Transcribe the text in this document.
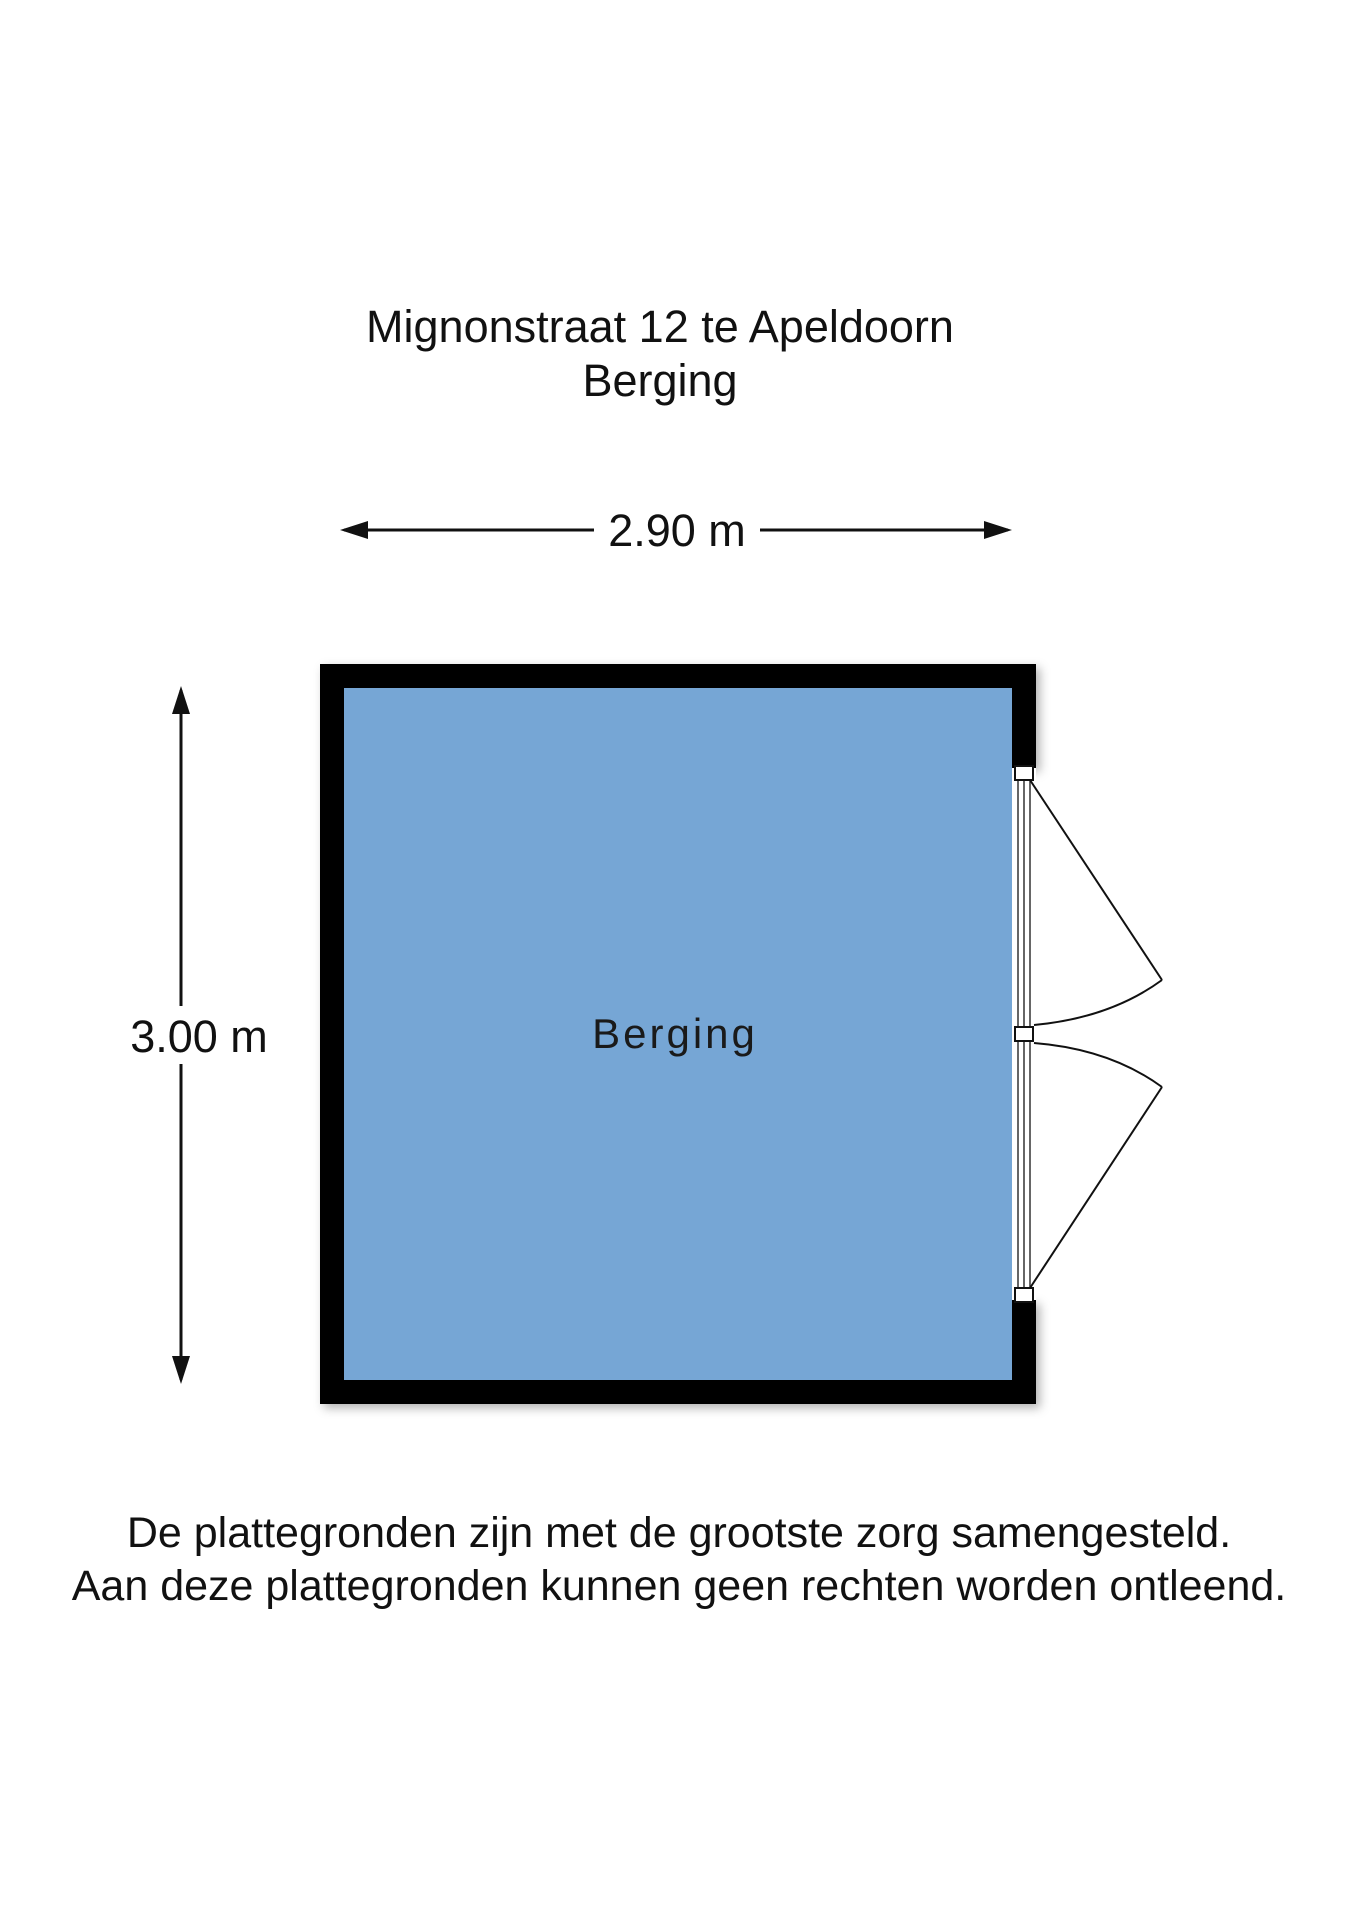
Mignonstraat 12 te Apeldoorn
Berging
2.90 m
3.00 m	Berging
De plattegronden zijn met de grootste zorg samengesteld.
Aan deze plattegronden kunnen geen rechten worden ontleend.
